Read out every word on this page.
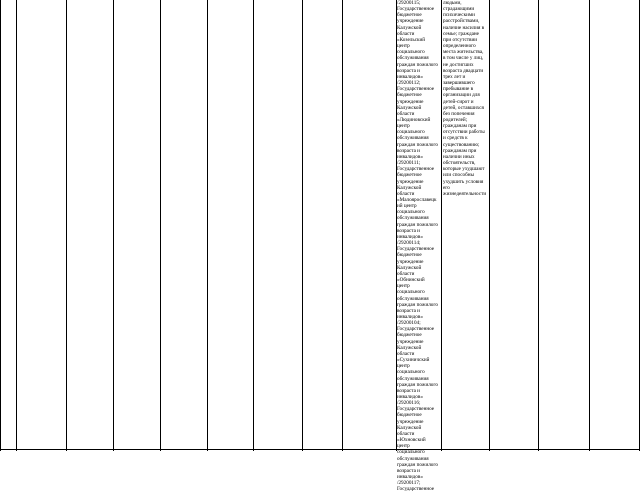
/29200115;
Государственное
бюджетное
учреждение
Калужской
области
«Козельский
центр
социального
обслуживания
граждан пожилого
возраста и
инвалидов»
/29200112;
Государственное
бюджетное
учреждение
Калужской
области
«Людиновский
центр
социального
обслуживания
граждан пожилого
возраста и
инвалидов»
/29200111;
Государственное
бюджетное
учреждение
Калужской
области
«Малоярославецк
ий центр
социального
обслуживания
граждан пожилого
возраста и
инвалидов»
/29200114;
Государственное
бюджетное
учреждение
Калужской
области
«Обнинский
центр
социального
обслуживания
граждан пожилого
возраста и
инвалидов»
/29200104;
Государственное
бюджетное
учреждение
Калужской
области
«Сухиничский
центр
социального
обслуживания
граждан пожилого
возраста и
инвалидов»
/29200116;
Государственное
бюджетное
учреждение
Калужской
области
«Юхновский
центр
социального
обслуживания
граждан пожилого
возраста и
инвалидов»
/29200117;
Государственное
людьми,
страдающими
психическими
расстройствами,
наличие насилия в
семье; граждане
при отсутствии
определенного
места жительства,
в том числе у лиц,
не достигших
возраста двадцати
трех лет и
завершившего
пребывание в
организации для
детей-сирот и
детей, оставшихся
без попечения
родителей;
гражданам при
отсутствии работы
и средств к
существованию;
гражданам при
наличии иных
обстоятельств,
которые ухудшают
или способны
ухудшить условия
его
жизнедеятельности
